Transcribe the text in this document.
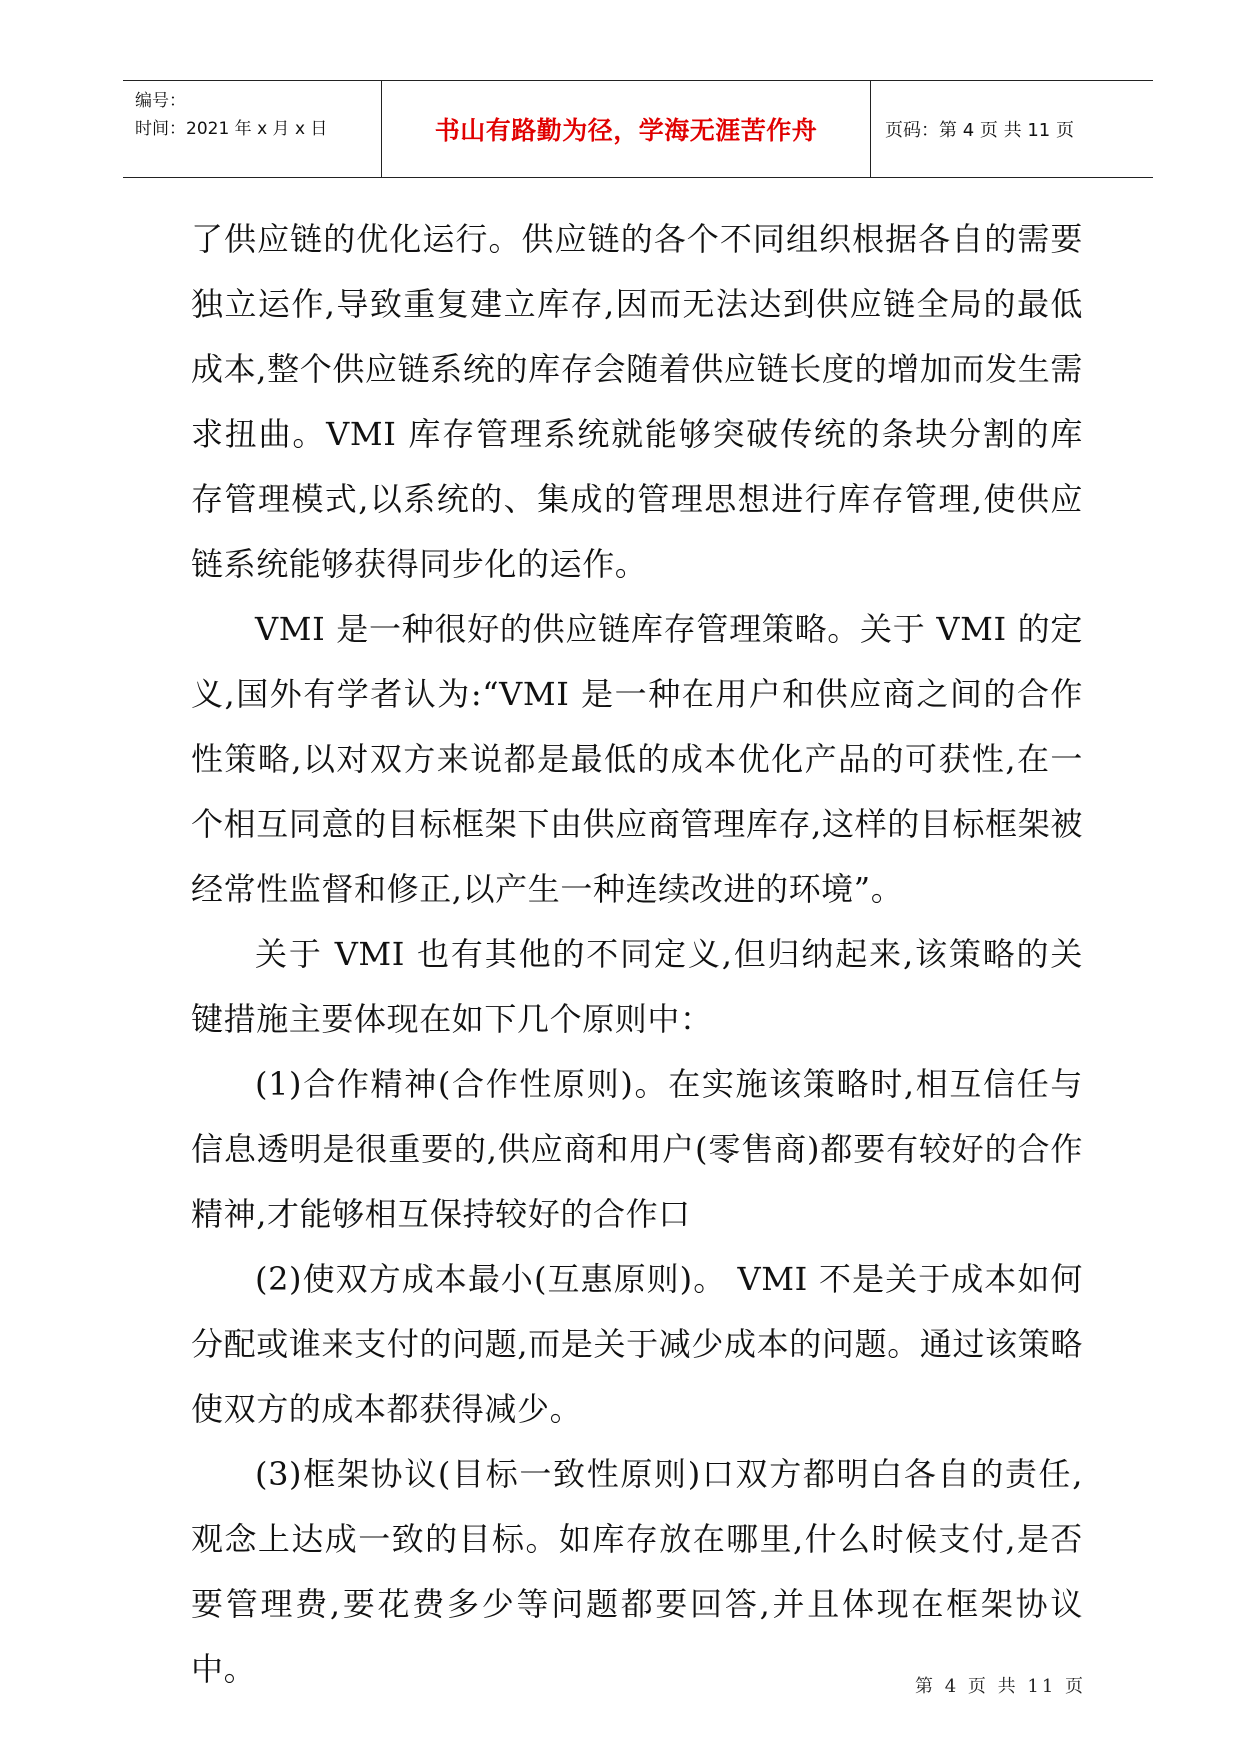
编号：
时间：2021 年 x 月 x 日	书山有路勤为径，学海无涯苦作舟	页码：第 4 页 共 11 页

了供应链的优化运行。供应链的各个不同组织根据各自的需要独立运作,导致重复建立库存,因而无法达到供应链全局的最低成本,整个供应链系统的库存会随着供应链长度的增加而发生需求扭曲。VMI 库存管理系统就能够突破传统的条块分割的库存管理模式,以系统的、集成的管理思想进行库存管理,使供应链系统能够获得同步化的运作。

VMI 是一种很好的供应链库存管理策略。关于 VMI 的定义,国外有学者认为:“VMI 是一种在用户和供应商之间的合作性策略,以对双方来说都是最低的成本优化产品的可获性,在一个相互同意的目标框架下由供应商管理库存,这样的目标框架被经常性监督和修正,以产生一种连续改进的环境”。

关于 VMI 也有其他的不同定义,但归纳起来,该策略的关键措施主要体现在如下几个原则中：

(1)合作精神(合作性原则)。在实施该策略时,相互信任与信息透明是很重要的,供应商和用户(零售商)都要有较好的合作精神,才能够相互保持较好的合作口

(2)使双方成本最小(互惠原则)。 VMI 不是关于成本如何分配或谁来支付的问题,而是关于减少成本的问题。通过该策略使双方的成本都获得减少。

(3)框架协议(目标一致性原则)口双方都明白各自的责任,观念上达成一致的目标。如库存放在哪里,什么时候支付,是否要管理费,要花费多少等问题都要回答,并且体现在框架协议中。	第 4 页 共 11 页
